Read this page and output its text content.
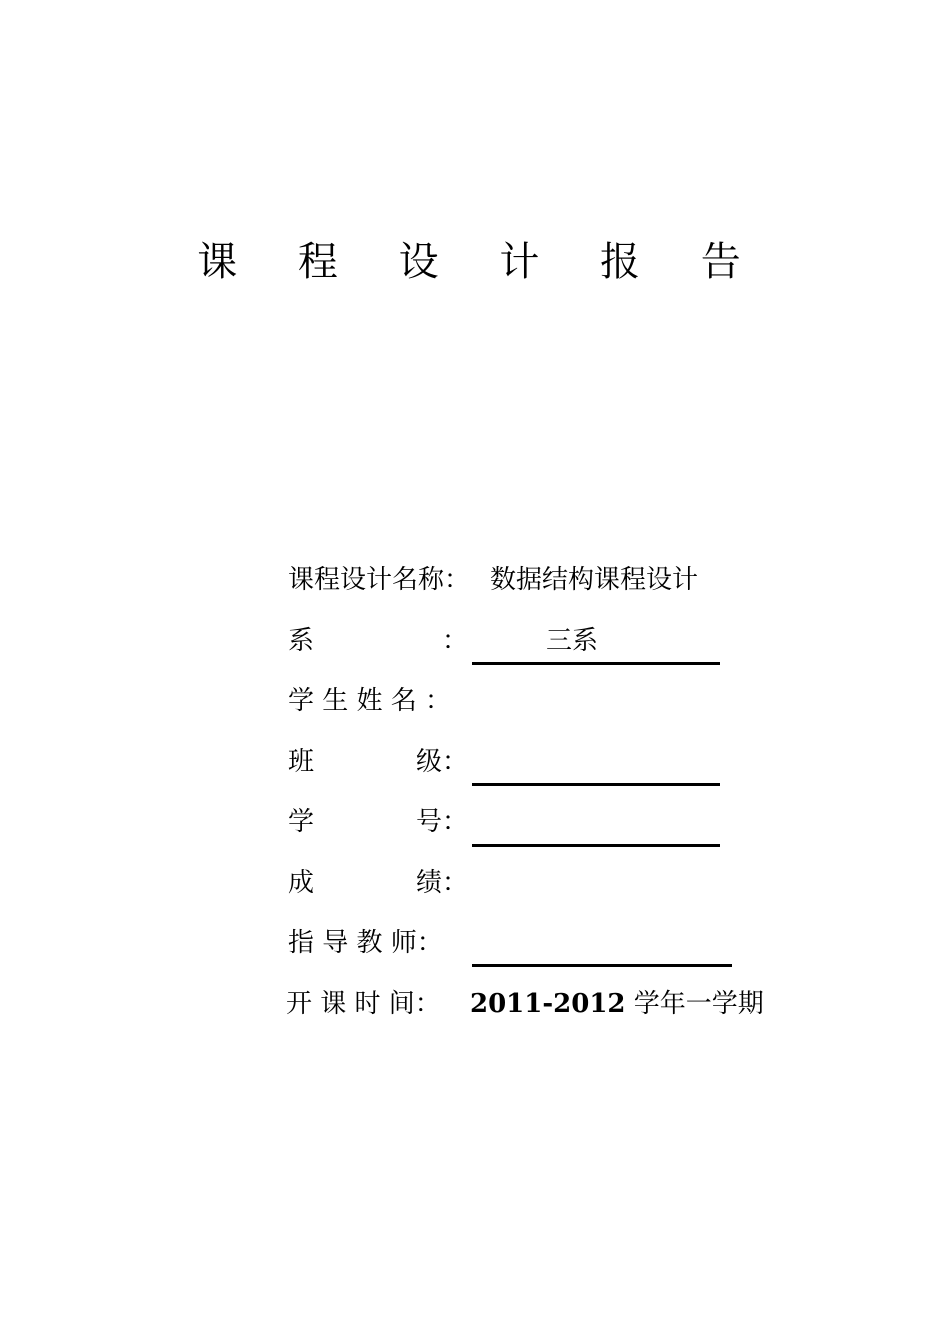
课 程 设 计 报 告
课程设计名称： 数据结构课程设计
系	：	三系
学 生 姓 名 ：
班	级：
学	号：
成	绩：
指 导 教 师：
开 课 时 间： 2011-2012 学年一学期
